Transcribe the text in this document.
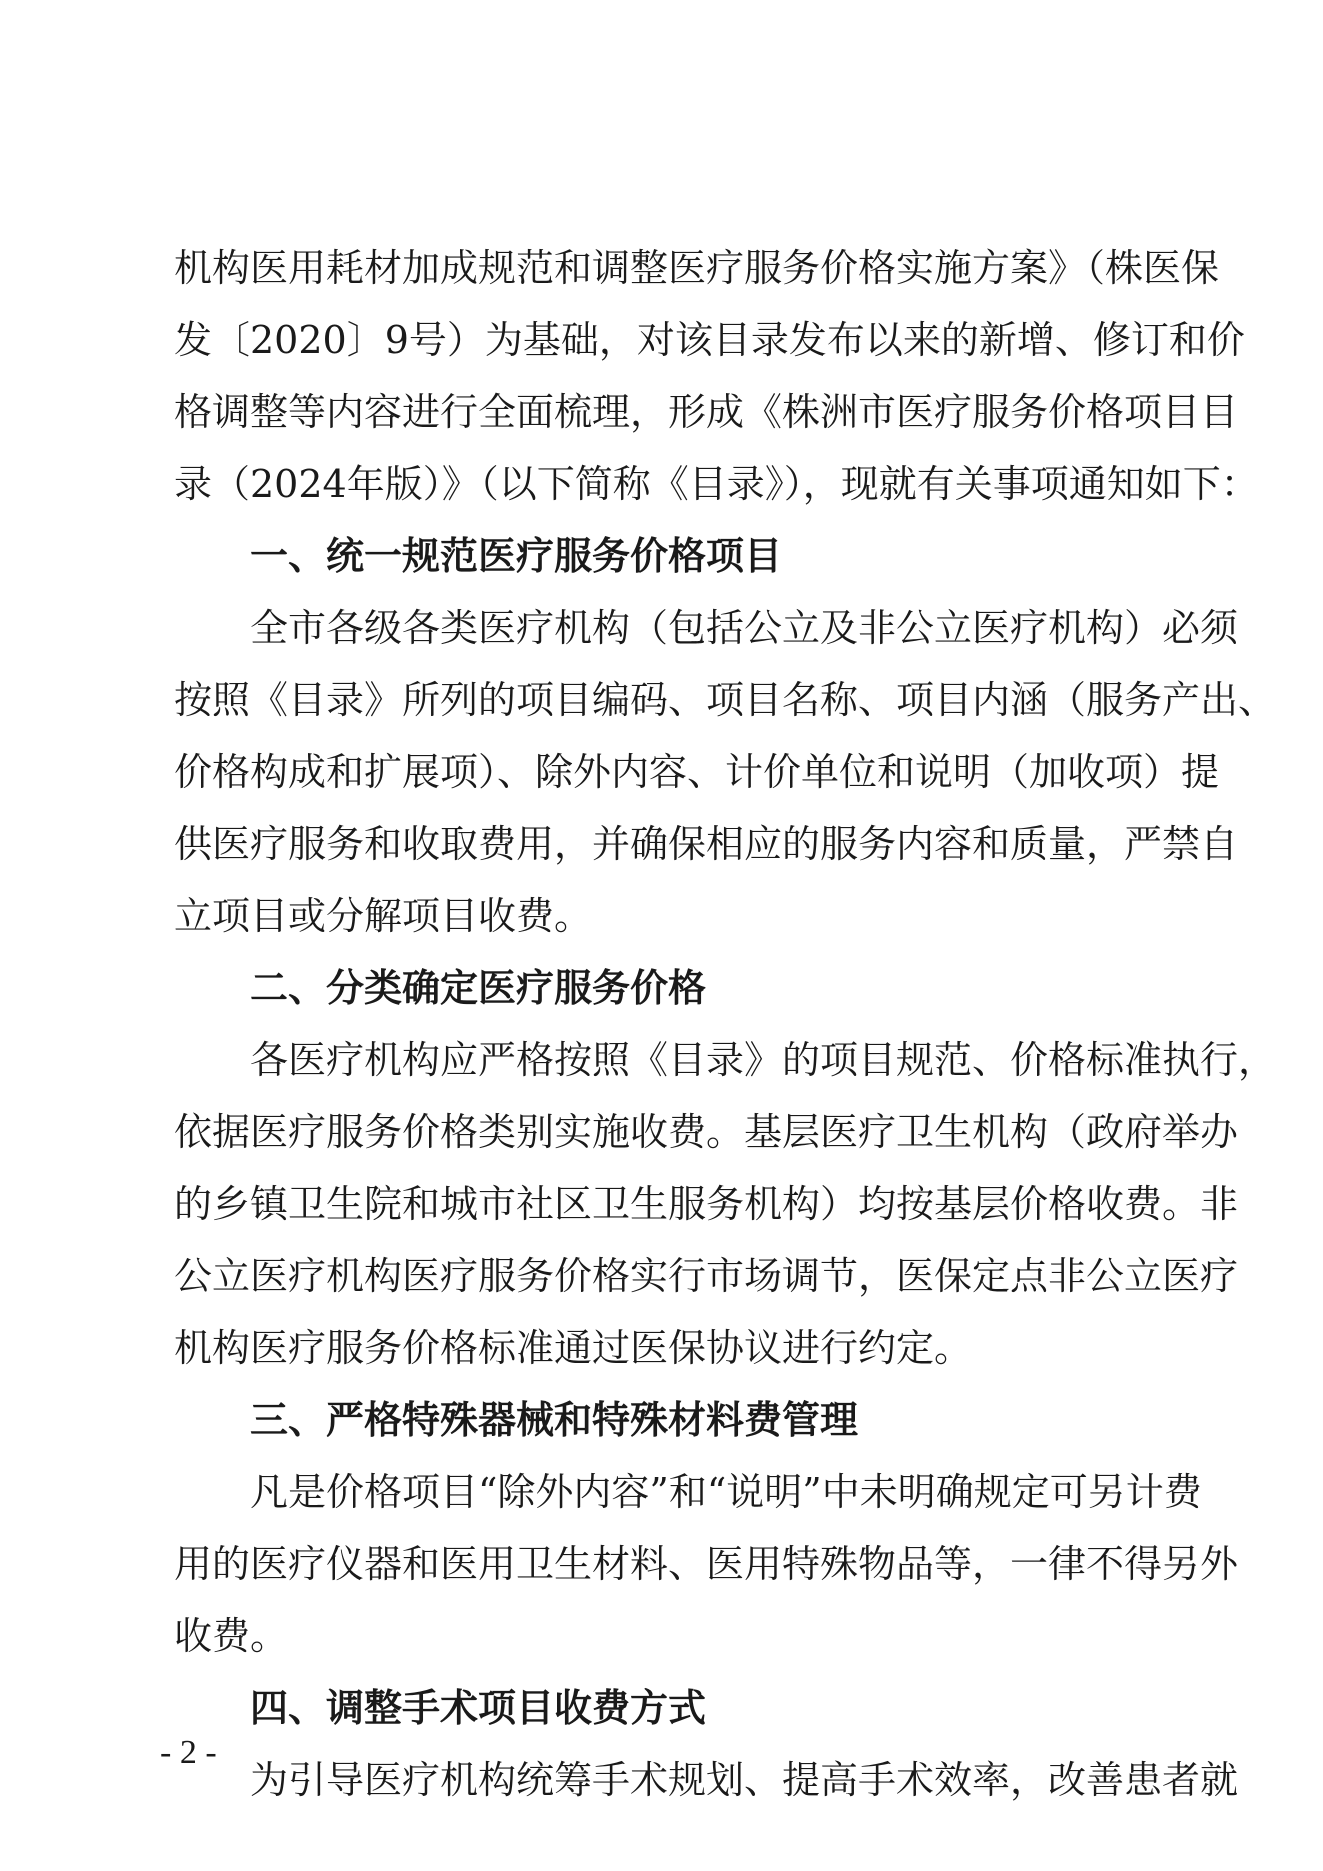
机构医用耗材加成规范和调整医疗服务价格实施方案》（株医保
发〔2020〕9号）为基础，对该目录发布以来的新增、修订和价
格调整等内容进行全面梳理，形成《株洲市医疗服务价格项目目
录（2024年版）》（以下简称《目录》），现就有关事项通知如下：
一、统一规范医疗服务价格项目
全市各级各类医疗机构（包括公立及非公立医疗机构）必须
按照《目录》所列的项目编码、项目名称、项目内涵（服务产出、
价格构成和扩展项）、除外内容、计价单位和说明（加收项）提
供医疗服务和收取费用，并确保相应的服务内容和质量，严禁自
立项目或分解项目收费。
二、分类确定医疗服务价格
各医疗机构应严格按照《目录》的项目规范、价格标准执行，
依据医疗服务价格类别实施收费。基层医疗卫生机构（政府举办
的乡镇卫生院和城市社区卫生服务机构）均按基层价格收费。非
公立医疗机构医疗服务价格实行市场调节，医保定点非公立医疗
机构医疗服务价格标准通过医保协议进行约定。
三、严格特殊器械和特殊材料费管理
凡是价格项目“除外内容”和“说明”中未明确规定可另计费
用的医疗仪器和医用卫生材料、医用特殊物品等，一律不得另外
收费。
四、调整手术项目收费方式
为引导医疗机构统筹手术规划、提高手术效率，改善患者就
- 2 -
